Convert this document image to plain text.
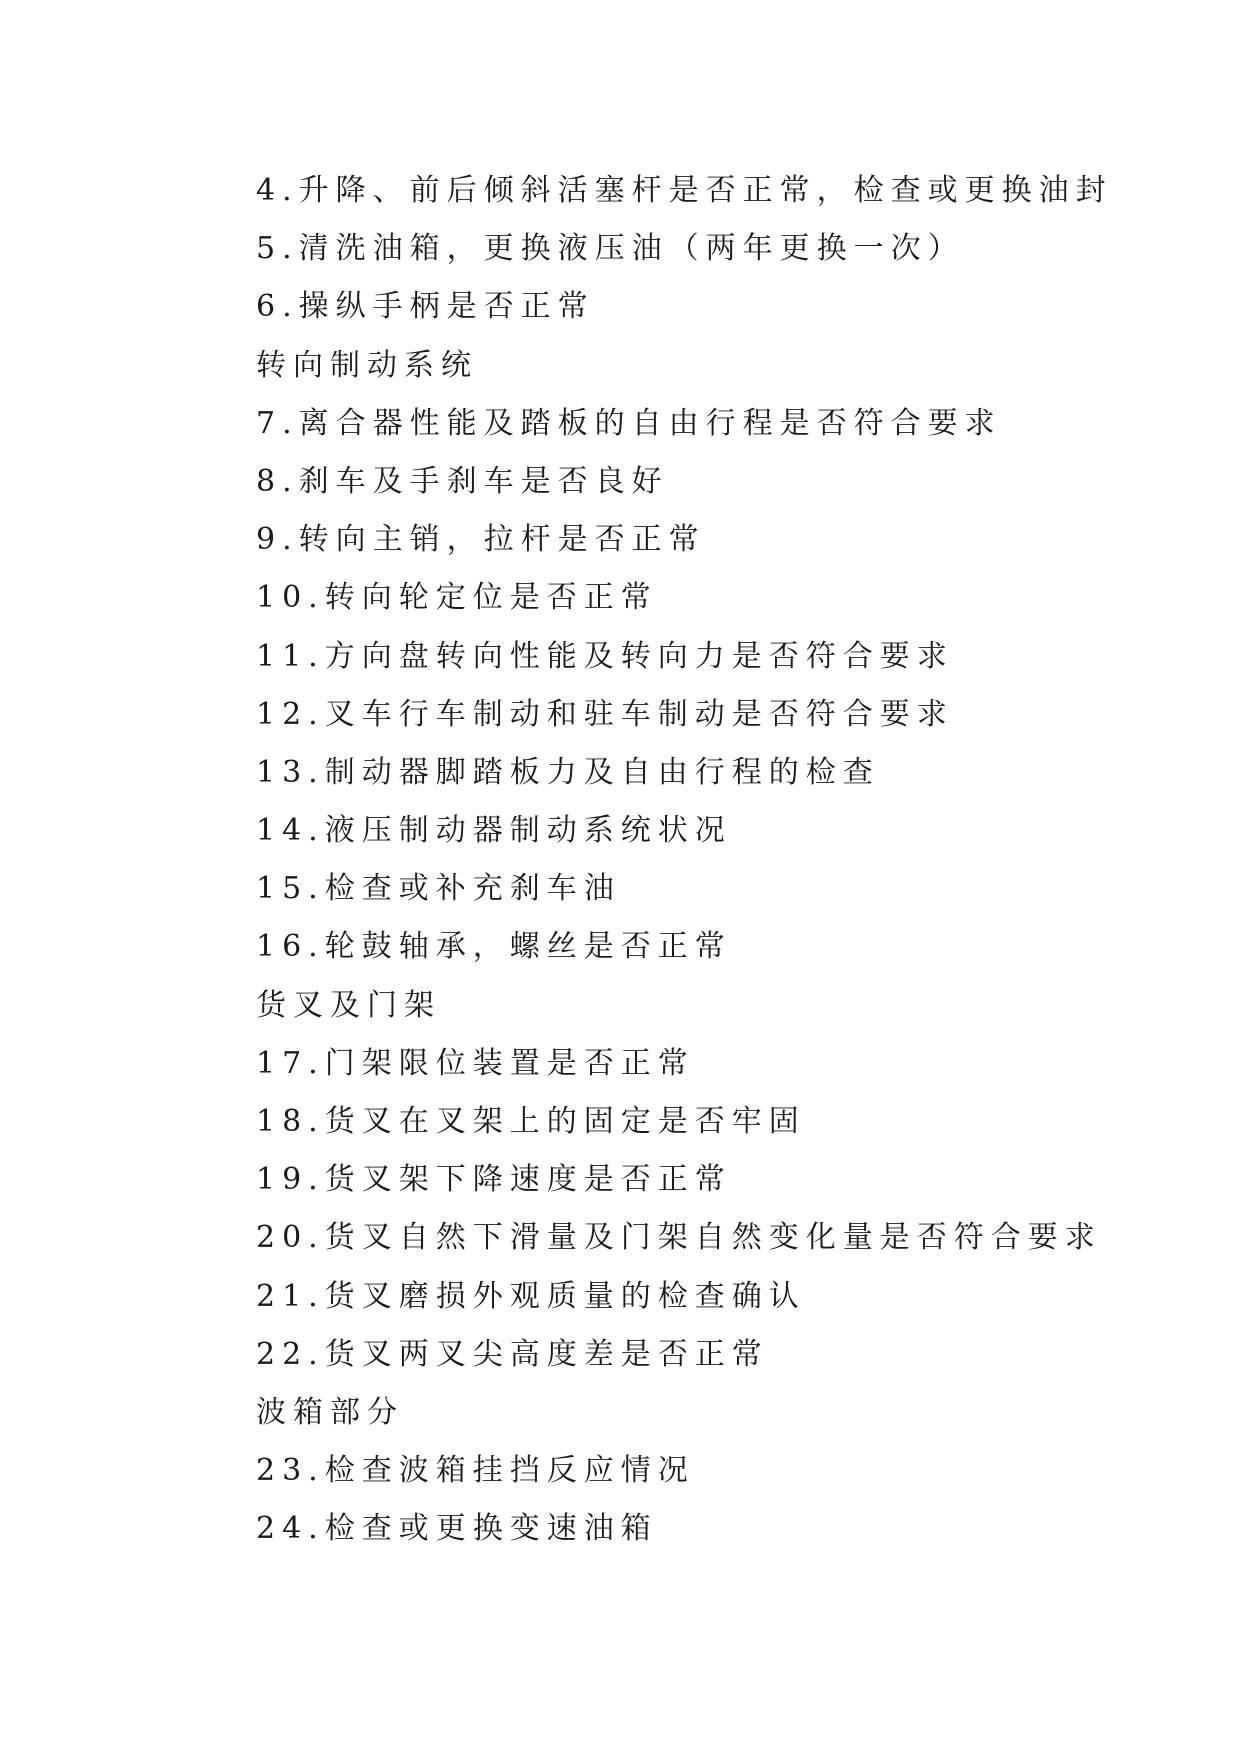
4.升降、前后倾斜活塞杆是否正常，检查或更换油封
5.清洗油箱，更换液压油（两年更换一次）
6.操纵手柄是否正常
转向制动系统
7.离合器性能及踏板的自由行程是否符合要求
8.刹车及手刹车是否良好
9.转向主销，拉杆是否正常
10.转向轮定位是否正常
11.方向盘转向性能及转向力是否符合要求
12.叉车行车制动和驻车制动是否符合要求
13.制动器脚踏板力及自由行程的检查
14.液压制动器制动系统状况
15.检查或补充刹车油
16.轮鼓轴承，螺丝是否正常
货叉及门架
17.门架限位装置是否正常
18.货叉在叉架上的固定是否牢固
19.货叉架下降速度是否正常
20.货叉自然下滑量及门架自然变化量是否符合要求
21.货叉磨损外观质量的检查确认
22.货叉两叉尖高度差是否正常
波箱部分
23.检查波箱挂挡反应情况
24.检查或更换变速油箱
